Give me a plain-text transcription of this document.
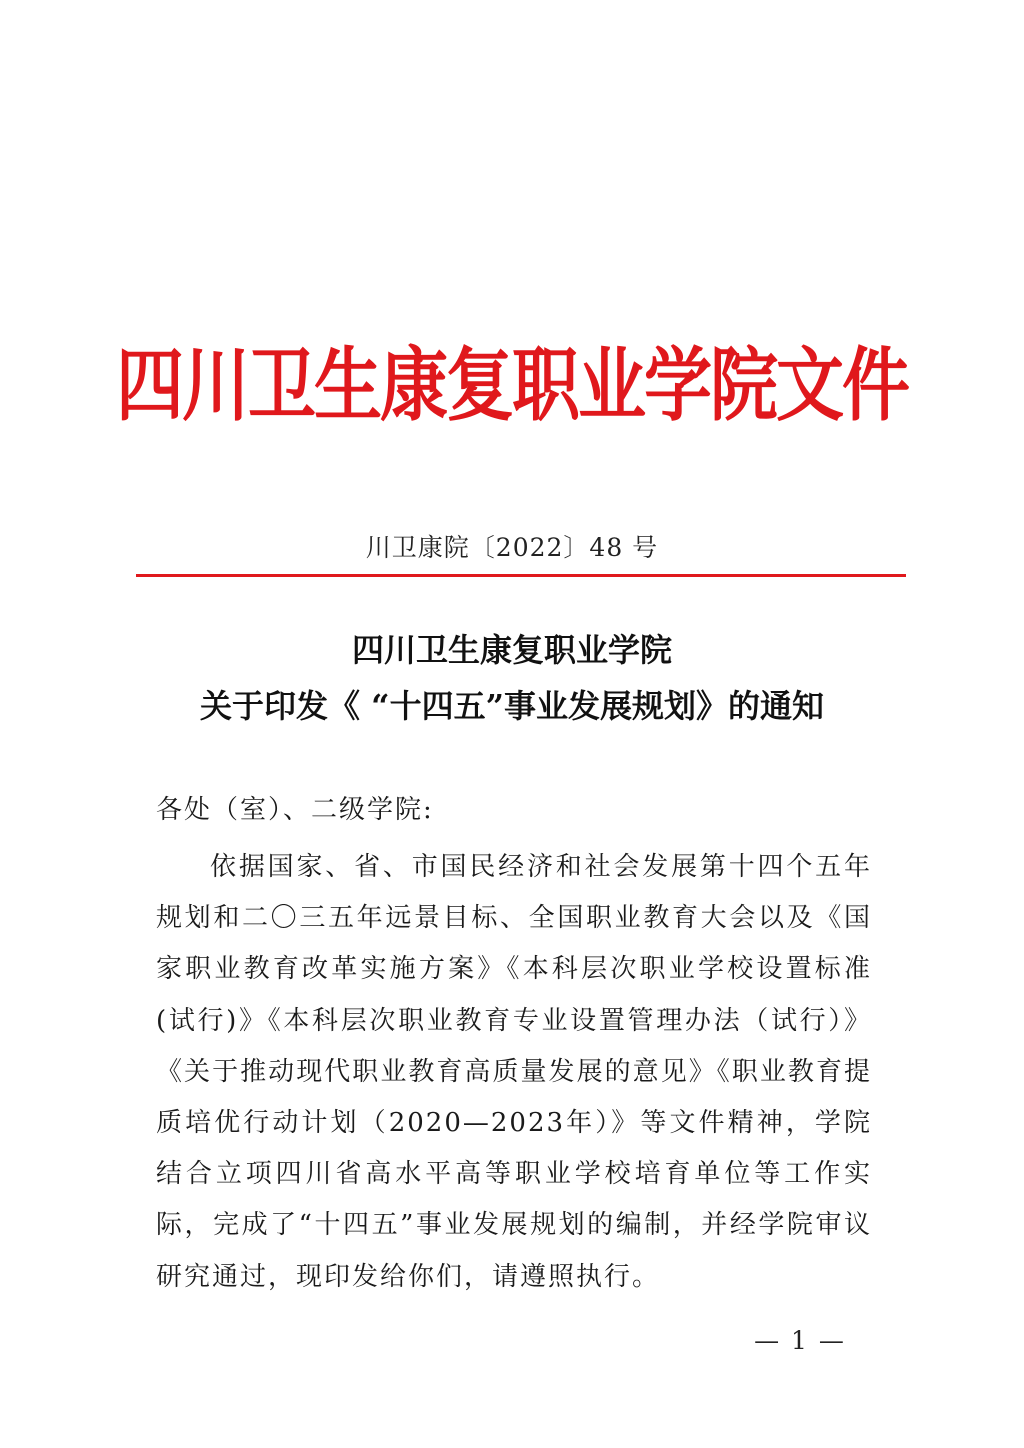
四川卫生康复职业学院文件
川卫康院〔2022〕48 号
四川卫生康复职业学院
关于印发《 “十四五”事业发展规划》的通知
各处（室）、二级学院:
依据国家、省、市国民经济和社会发展第十四个五年规划和二〇三五年远景目标、全国职业教育大会以及《国家职业教育改革实施方案》《本科层次职业学校设置标准(试行)》《本科层次职业教育专业设置管理办法（试行）》《关于推动现代职业教育高质量发展的意见》《职业教育提质培优行动计划（2020—2023年）》等文件精神，学院结合立项四川省高水平高等职业学校培育单位等工作实际，完成了“十四五”事业发展规划的编制，并经学院审议研究通过，现印发给你们，请遵照执行。
— 1 —
